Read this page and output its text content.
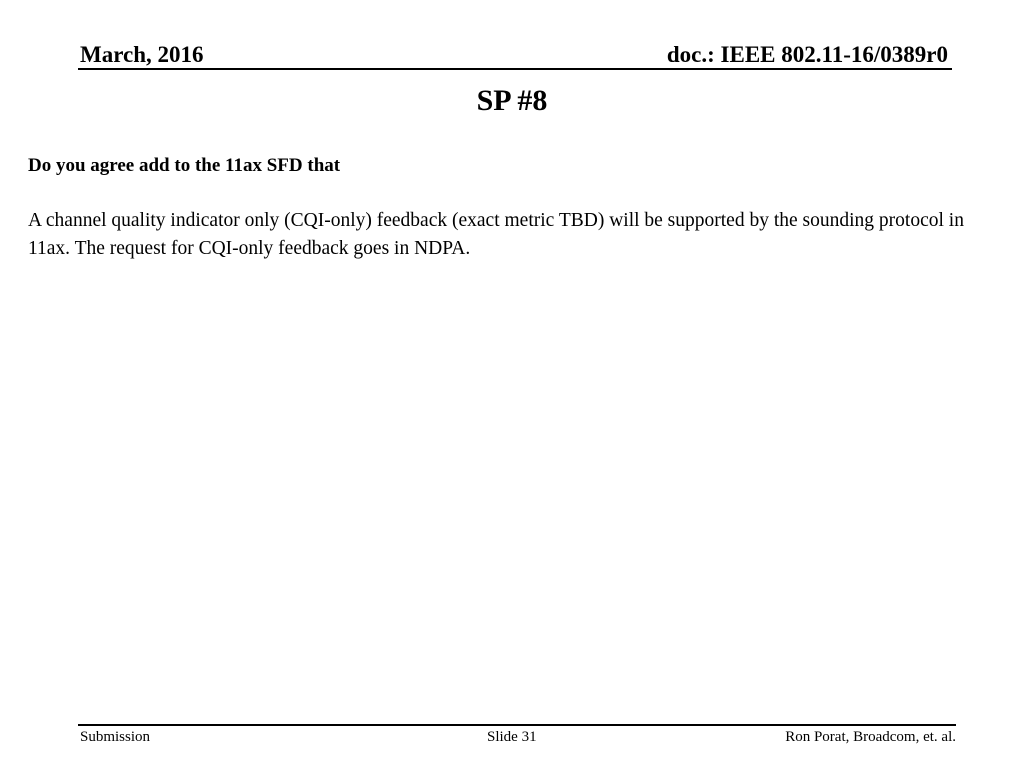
March, 2016	doc.: IEEE 802.11-16/0389r0
SP #8

Do you agree add to the 11ax SFD that

A channel quality indicator only (CQI-only) feedback (exact metric TBD) will be supported by the sounding protocol in 11ax. The request for CQI-only feedback goes in NDPA.

Submission	Slide 31	Ron Porat, Broadcom, et. al.
